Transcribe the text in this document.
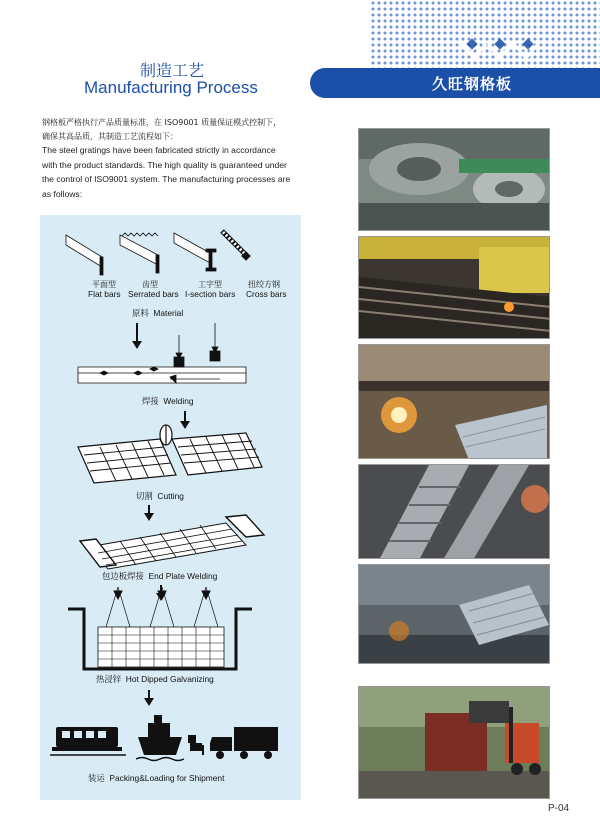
久旺钢格板
制造工艺
Manufacturing Process
钢格板严格执行产品质量标准，在 ISO9001 质量保证模式控制下，
确保其高品质，其制造工艺流程如下：
The steel gratings have been fabricated strictly in accordance
with the product standards. The high quality is guaranteed under
the control of ISO9001 system. The manufacturing processes are
as follows:
平面型
Flat bars
齿型
Serrated bars
工字型
I-section bars
扭绞方钢
Cross bars
原料 Material
焊接 Welding
切割 Cutting
包边板焊接 End Plate Welding
热浸锌 Hot Dipped Galvanizing
装运 Packing&Loading for Shipment
P-04
